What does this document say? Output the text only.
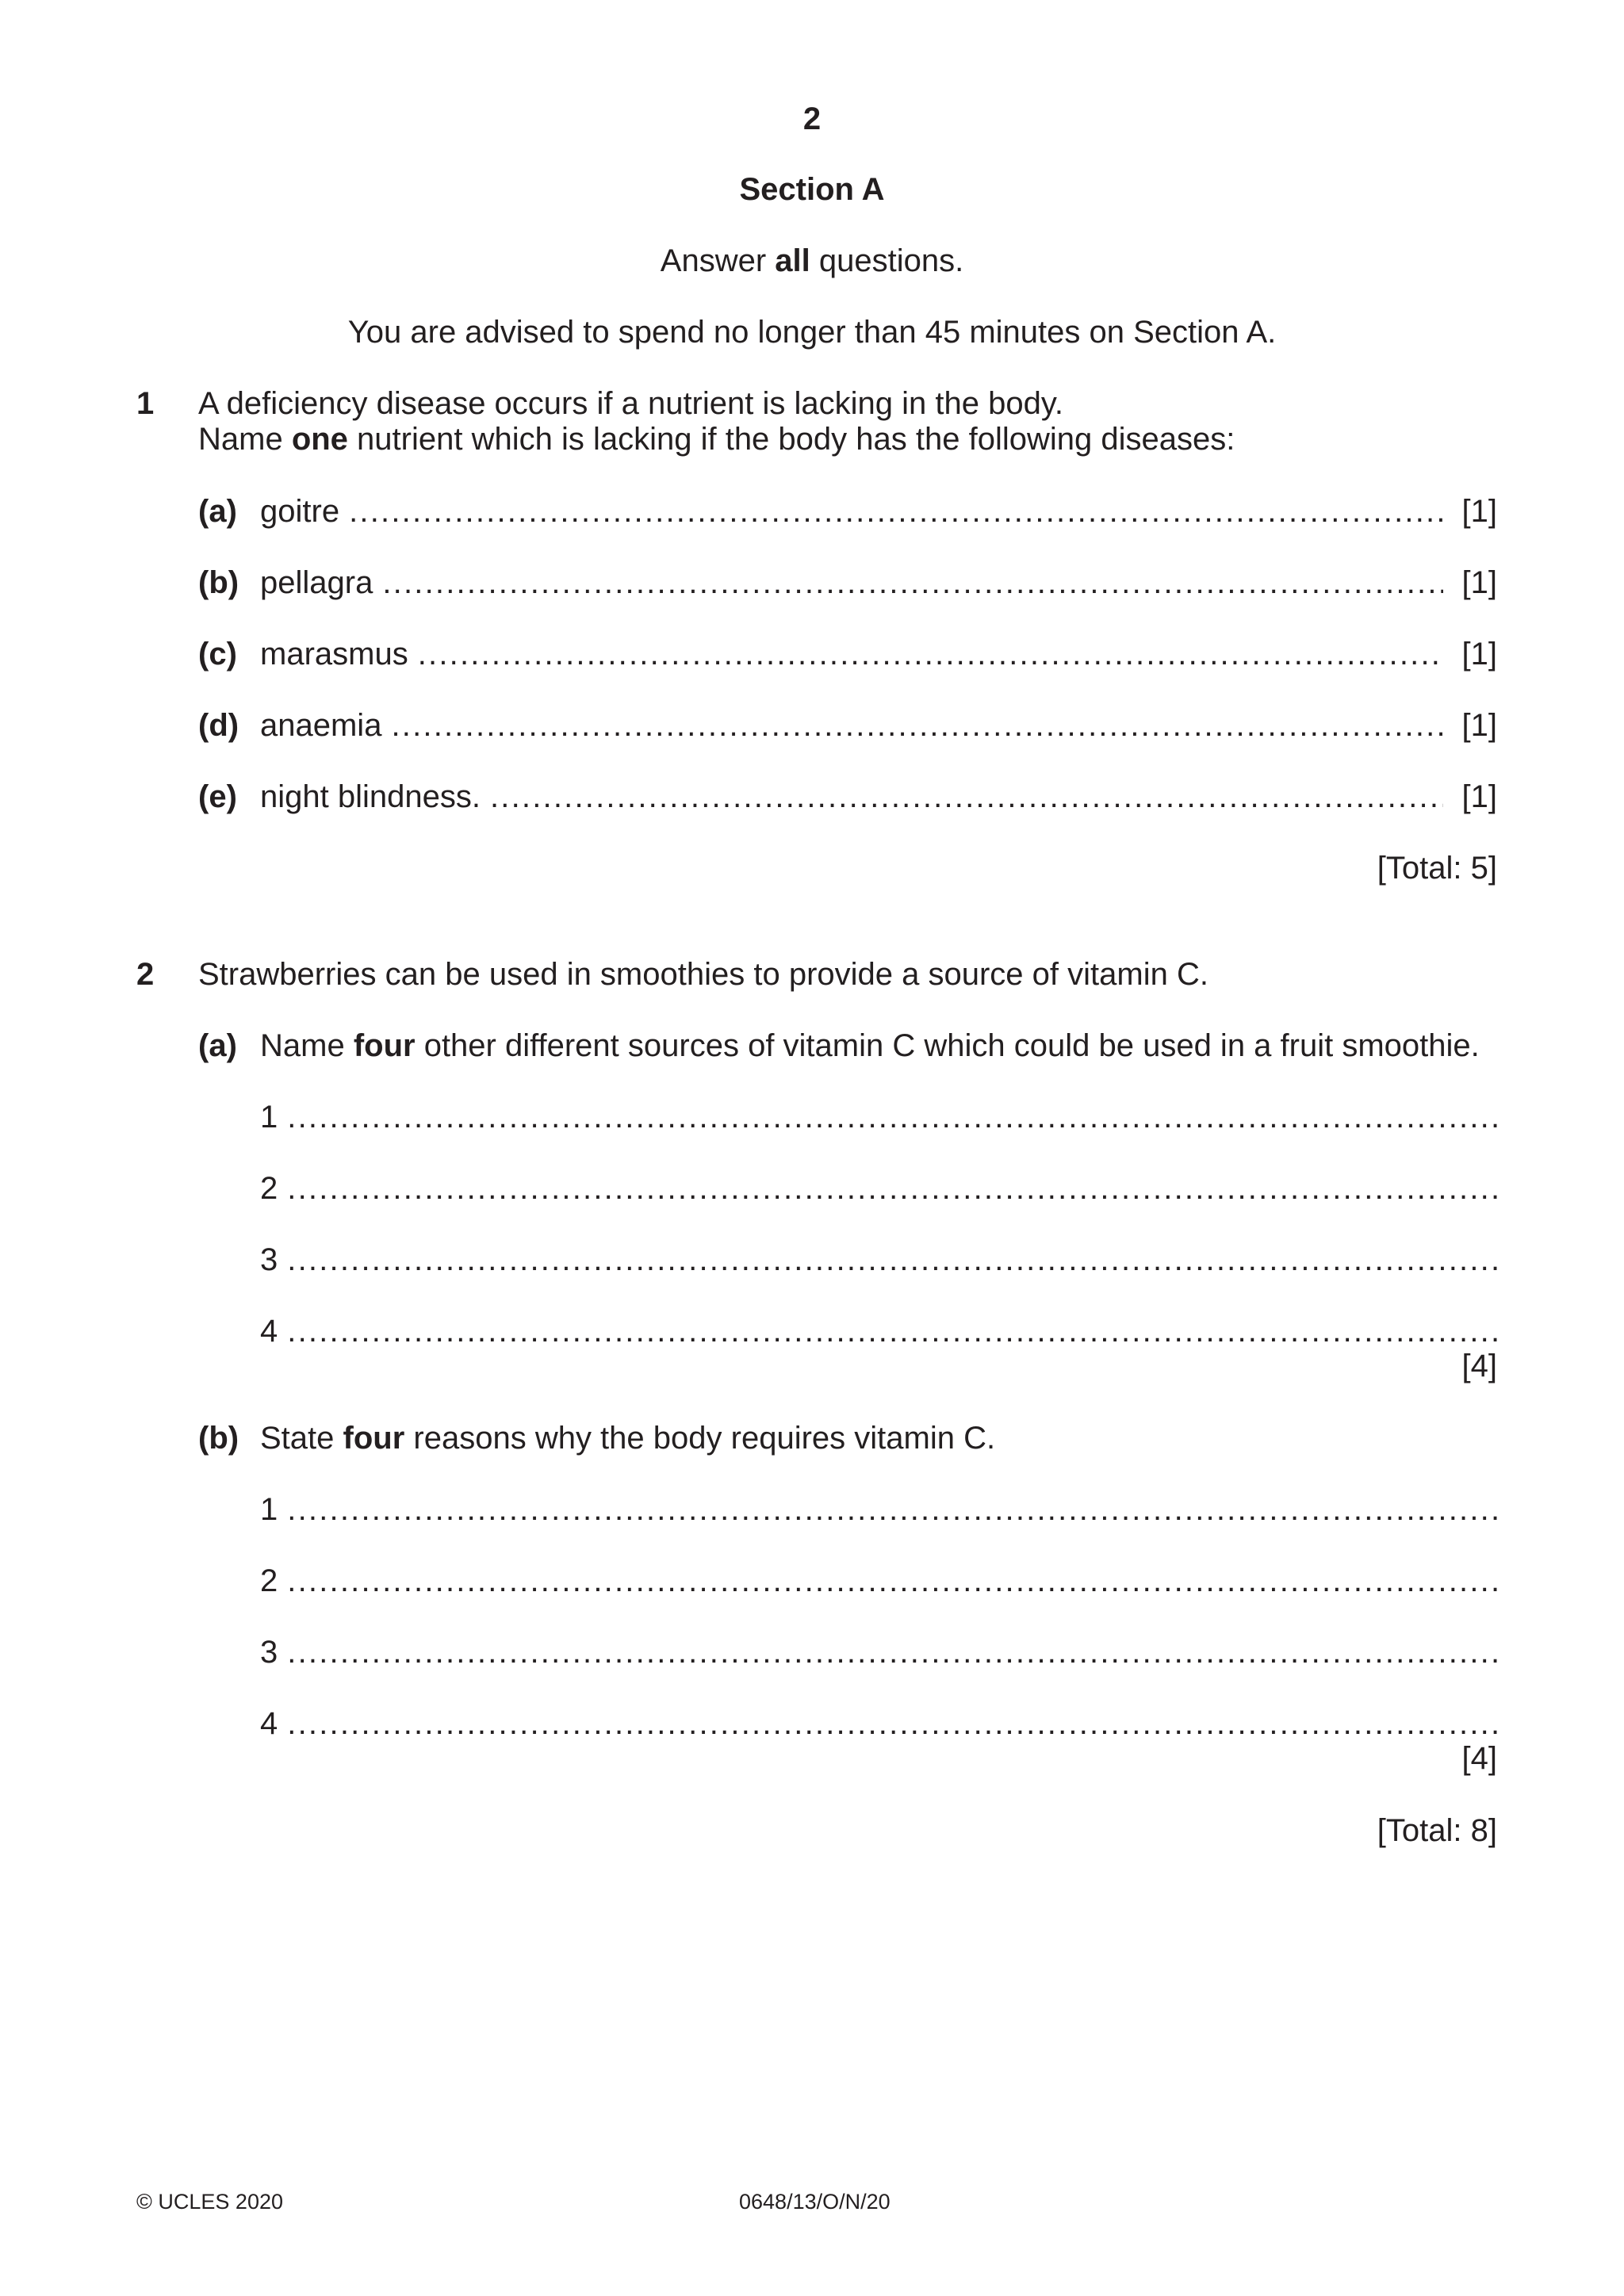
2
Section A
Answer all questions.
You are advised to spend no longer than 45 minutes on Section A.
1 A deficiency disease occurs if a nutrient is lacking in the body.
Name one nutrient which is lacking if the body has the following diseases:
(a) goitre .....	[1]
(b) pellagra .....	[1]
(c) marasmus .....	[1]
(d) anaemia .....	[1]
(e) night blindness. .....	[1]
[Total: 5]
2 Strawberries can be used in smoothies to provide a source of vitamin C.
(a) Name four other different sources of vitamin C which could be used in a fruit smoothie.
1
.....
2
.....
3
.....
4
.....
[4]
(b) State four reasons why the body requires vitamin C.
1
.....
2
.....
3
.....
4
.....
[4]
[Total: 8]
© UCLES 2020	0648/13/O/N/20
